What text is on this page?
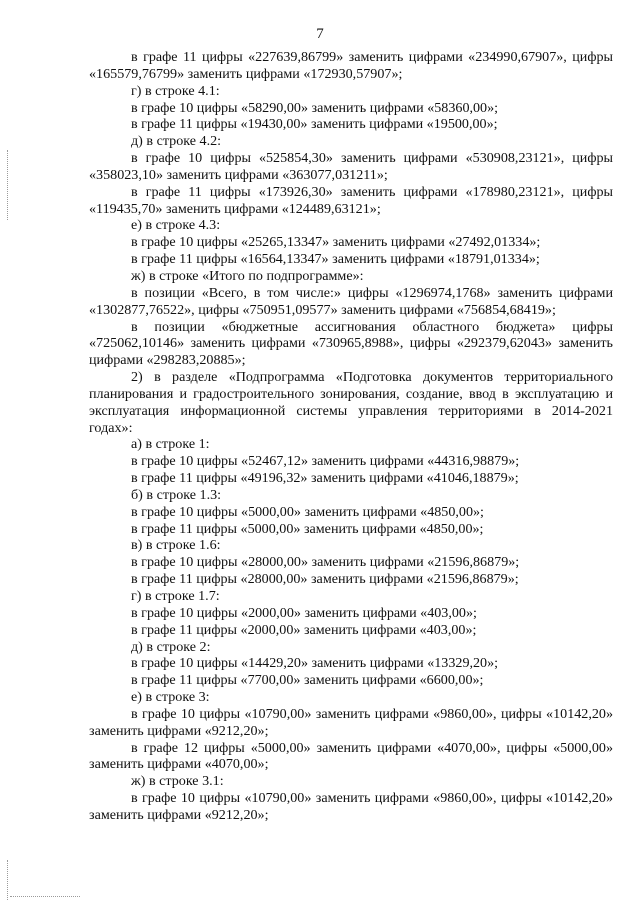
7

в графе 11 цифры «227639,86799» заменить цифрами «234990,67907», цифры «165579,76799» заменить цифрами «172930,57907»;

г) в строке 4.1:

в графе 10 цифры «58290,00» заменить цифрами «58360,00»;

в графе 11 цифры «19430,00» заменить цифрами «19500,00»;

д) в строке 4.2:

в графе 10 цифры «525854,30» заменить цифрами «530908,23121», цифры «358023,10» заменить цифрами «363077,031211»;

в графе 11 цифры «173926,30» заменить цифрами «178980,23121», цифры «119435,70» заменить цифрами «124489,63121»;

е) в строке 4.3:

в графе 10 цифры «25265,13347» заменить цифрами «27492,01334»;

в графе 11 цифры «16564,13347» заменить цифрами «18791,01334»;

ж) в строке «Итого по подпрограмме»:

в позиции «Всего, в том числе:» цифры «1296974,1768» заменить цифрами «1302877,76522», цифры «750951,09577» заменить цифрами «756854,68419»;

в позиции «бюджетные ассигнования областного бюджета» цифры «725062,10146» заменить цифрами «730965,8988», цифры «292379,62043» заменить цифрами «298283,20885»;

2) в разделе «Подпрограмма «Подготовка документов территориального планирования и градостроительного зонирования, создание, ввод в эксплуатацию и эксплуатация информационной системы управления территориями в 2014-2021 годах»:

а) в строке 1:

в графе 10 цифры «52467,12» заменить цифрами «44316,98879»;

в графе 11 цифры «49196,32» заменить цифрами «41046,18879»;

б) в строке 1.3:

в графе 10 цифры «5000,00» заменить цифрами «4850,00»;

в графе 11 цифры «5000,00» заменить цифрами «4850,00»;

в) в строке 1.6:

в графе 10 цифры «28000,00» заменить цифрами «21596,86879»;

в графе 11 цифры «28000,00» заменить цифрами «21596,86879»;

г) в строке 1.7:

в графе 10 цифры «2000,00» заменить цифрами «403,00»;

в графе 11 цифры «2000,00» заменить цифрами «403,00»;

д) в строке 2:

в графе 10 цифры «14429,20» заменить цифрами «13329,20»;

в графе 11 цифры «7700,00» заменить цифрами «6600,00»;

е) в строке 3:

в графе 10 цифры «10790,00» заменить цифрами «9860,00», цифры «10142,20» заменить цифрами «9212,20»;

в графе 12 цифры «5000,00» заменить цифрами «4070,00», цифры «5000,00» заменить цифрами «4070,00»;

ж) в строке 3.1:

в графе 10 цифры «10790,00» заменить цифрами «9860,00», цифры «10142,20» заменить цифрами «9212,20»;
